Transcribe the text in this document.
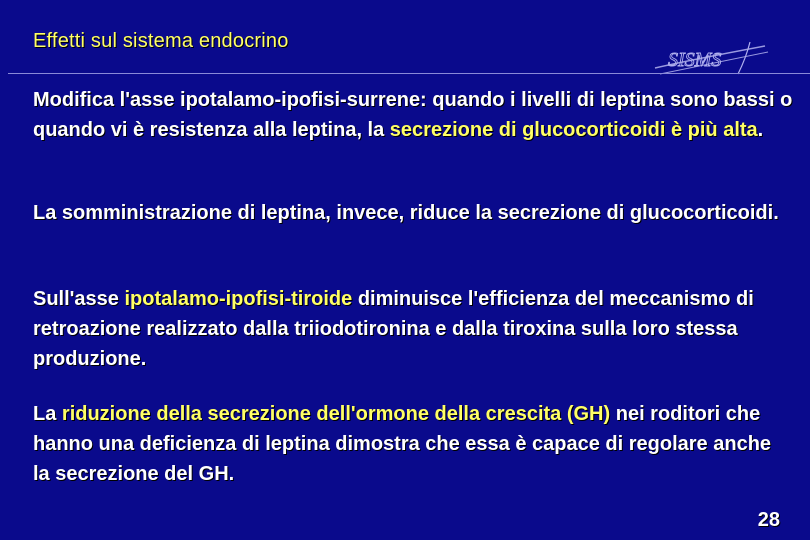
Effetti sul sistema endocrino
SISMS
Modifica l'asse ipotalamo-ipofisi-surrene: quando i livelli di leptina sono bassi o quando vi è resistenza alla leptina, la secrezione di glucocorticoidi è più alta.
La somministrazione di leptina, invece, riduce la secrezione di glucocorticoidi.
Sull'asse ipotalamo-ipofisi-tiroide diminuisce l'efficienza del meccanismo di retroazione realizzato dalla triiodotironina e dalla tiroxina sulla loro stessa produzione.
La riduzione della secrezione dell'ormone della crescita (GH) nei roditori che hanno una deficienza di leptina dimostra che essa è capace di regolare anche la secrezione del GH.
28
